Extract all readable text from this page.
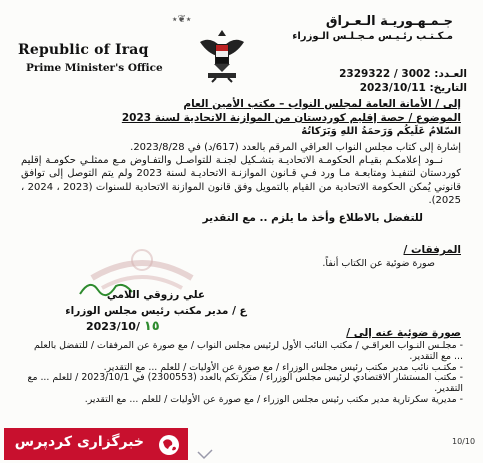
Republic of Iraq
Prime Minister's Office
٭❦٭	جـمـهـوريـة الـعـراق
مـكـتـب رئـيـس مـجـلـس الـوزراء
العـدد: 3002 / 2329322
التاريخ: 2023/10/11
إلى / الأمانة العامة لمجلس النواب – مكتب الأمين العام
الموضوع / حصة إقليم كوردستان من الموازنة الاتحادية لسنة 2023
السّلامُ عَلَيكُم وَرَحمَةُ اللهِ وَبَرَكاتُهُ
إشارة إلى كتاب مجلس النواب العراقي المرقم بالعدد (617/د) في 2023/8/28.
نــود إعلامكـم بقيـام الحكومـة الاتحاديـة بتشـكيل لجنـة للتواصـل والتفـاوض مـع ممثلـي حكومـة إقليم كوردستان لتنفيـذ ومتابعـة مـا ورد فـي قـانون الموازنـة الاتحاديـة لسنة 2023 ولم يتم التوصل إلى توافق قانوني يُمكن الحكومة الاتحادية من القيام بالتمويل وفق قانون الموازنة الاتحادية للسنوات (2023 ، 2024 ، 2025).
للتفضل بالاطلاع وأخذ ما يلزم .. مع التقدير
المرفقات /
صورة ضوئية عن الكتاب أنفاً.
علي رزوقي اللامي
ع / مدير مكتب رئيس مجلس الوزراء
2023/10/ ١٥	صورة ضوئية عنه إلى /
- مجلـس النـواب العراقـي / مكتب النائب الأول لرئيس مجلس النواب / مع صورة عن المرفقات / للتفضل بالعلم ... مع التقدير.
- مكتـب نائب مدير مكتب رئيس مجلس الوزراء / مع صورة عن الأوليات / للعلم ... مع التقدير.
- مكتب المستشار الاقتصادي لرئيس مجلس الوزراء / متكرتكم بالعدد (2300553) في 2023/10/1 / للعلم ... مع التقدير.
- مديرية سكرتارية مدير مكتب رئيس مجلس الوزراء / مع صورة عن الأوليات / للعلم ... مع التقدير.
خبرگزاری کردپرس	10/10
